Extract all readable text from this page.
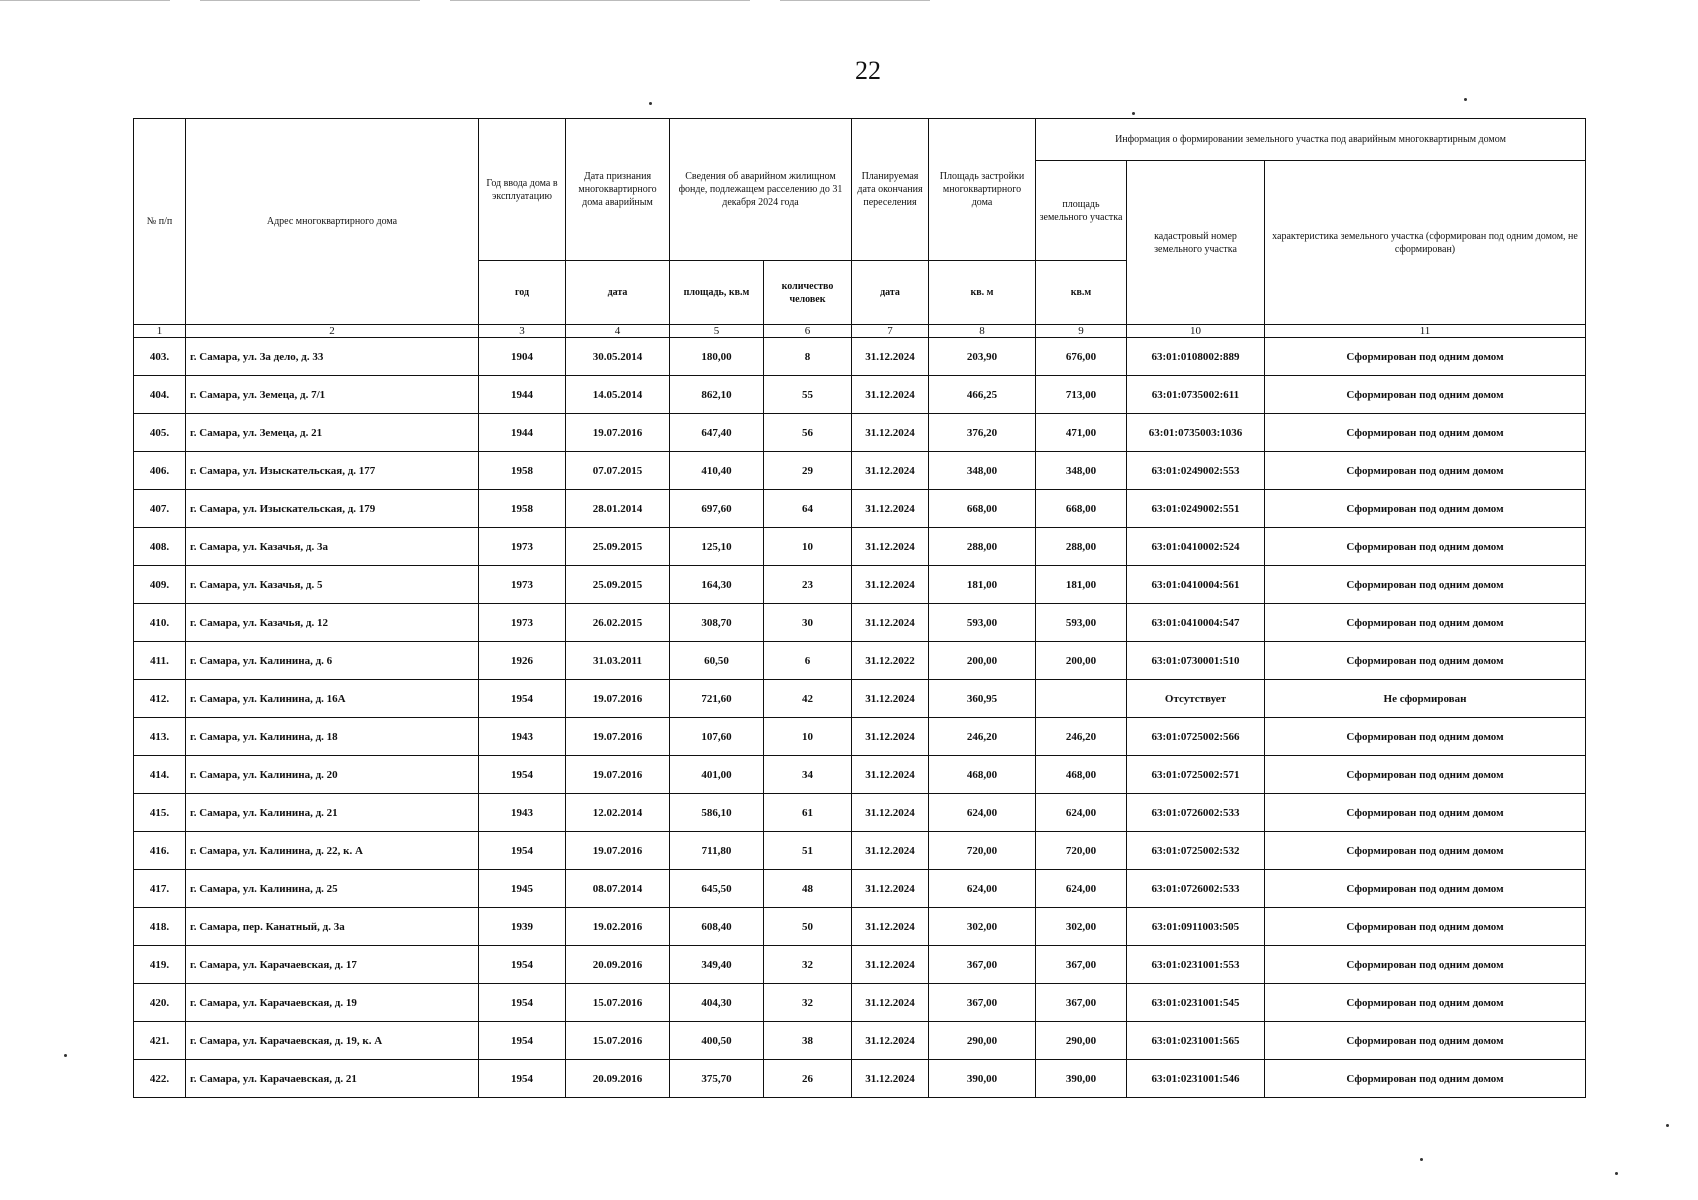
22
№ п/п	Адрес многоквартирного дома	Год ввода дома в эксплуатацию	Дата признания многоквартирного дома аварийным	Сведения об аварийном жилищном фонде, подлежащем расселению до 31 декабря 2024 года		Планируемая дата окончания переселения	Площадь застройки многоквартирного дома	Информация о формировании земельного участка под аварийным многоквартирным домом		
								площадь земельного участка	кадастровый номер земельного участка	характеристика земельного участка (сформирован под одним домом, не сформирован)
		год	дата	площадь, кв.м	количество человек	дата	кв. м	кв.м		
1	2	3	4	5	6	7	8	9	10	11
403.	г. Самара, ул. За дело, д. 33	1904	30.05.2014	180,00	8	31.12.2024	203,90	676,00	63:01:0108002:889	Сформирован под одним домом
404.	г. Самара, ул. Земеца, д. 7/1	1944	14.05.2014	862,10	55	31.12.2024	466,25	713,00	63:01:0735002:611	Сформирован под одним домом
405.	г. Самара, ул. Земеца, д. 21	1944	19.07.2016	647,40	56	31.12.2024	376,20	471,00	63:01:0735003:1036	Сформирован под одним домом
406.	г. Самара, ул. Изыскательская, д. 177	1958	07.07.2015	410,40	29	31.12.2024	348,00	348,00	63:01:0249002:553	Сформирован под одним домом
407.	г. Самара, ул. Изыскательская, д. 179	1958	28.01.2014	697,60	64	31.12.2024	668,00	668,00	63:01:0249002:551	Сформирован под одним домом
408.	г. Самара, ул. Казачья, д. 3а	1973	25.09.2015	125,10	10	31.12.2024	288,00	288,00	63:01:0410002:524	Сформирован под одним домом
409.	г. Самара, ул. Казачья, д. 5	1973	25.09.2015	164,30	23	31.12.2024	181,00	181,00	63:01:0410004:561	Сформирован под одним домом
410.	г. Самара, ул. Казачья, д. 12	1973	26.02.2015	308,70	30	31.12.2024	593,00	593,00	63:01:0410004:547	Сформирован под одним домом
411.	г. Самара, ул. Калинина, д. 6	1926	31.03.2011	60,50	6	31.12.2022	200,00	200,00	63:01:0730001:510	Сформирован под одним домом
412.	г. Самара, ул. Калинина, д. 16А	1954	19.07.2016	721,60	42	31.12.2024	360,95		Отсутствует	Не сформирован
413.	г. Самара, ул. Калинина, д. 18	1943	19.07.2016	107,60	10	31.12.2024	246,20	246,20	63:01:0725002:566	Сформирован под одним домом
414.	г. Самара, ул. Калинина, д. 20	1954	19.07.2016	401,00	34	31.12.2024	468,00	468,00	63:01:0725002:571	Сформирован под одним домом
415.	г. Самара, ул. Калинина, д. 21	1943	12.02.2014	586,10	61	31.12.2024	624,00	624,00	63:01:0726002:533	Сформирован под одним домом
416.	г. Самара, ул. Калинина, д. 22, к. А	1954	19.07.2016	711,80	51	31.12.2024	720,00	720,00	63:01:0725002:532	Сформирован под одним домом
417.	г. Самара, ул. Калинина, д. 25	1945	08.07.2014	645,50	48	31.12.2024	624,00	624,00	63:01:0726002:533	Сформирован под одним домом
418.	г. Самара, пер. Канатный, д. 3а	1939	19.02.2016	608,40	50	31.12.2024	302,00	302,00	63:01:0911003:505	Сформирован под одним домом
419.	г. Самара, ул. Карачаевская, д. 17	1954	20.09.2016	349,40	32	31.12.2024	367,00	367,00	63:01:0231001:553	Сформирован под одним домом
420.	г. Самара, ул. Карачаевская, д. 19	1954	15.07.2016	404,30	32	31.12.2024	367,00	367,00	63:01:0231001:545	Сформирован под одним домом
421.	г. Самара, ул. Карачаевская, д. 19, к. А	1954	15.07.2016	400,50	38	31.12.2024	290,00	290,00	63:01:0231001:565	Сформирован под одним домом
422.	г. Самара, ул. Карачаевская, д. 21	1954	20.09.2016	375,70	26	31.12.2024	390,00	390,00	63:01:0231001:546	Сформирован под одним домом
